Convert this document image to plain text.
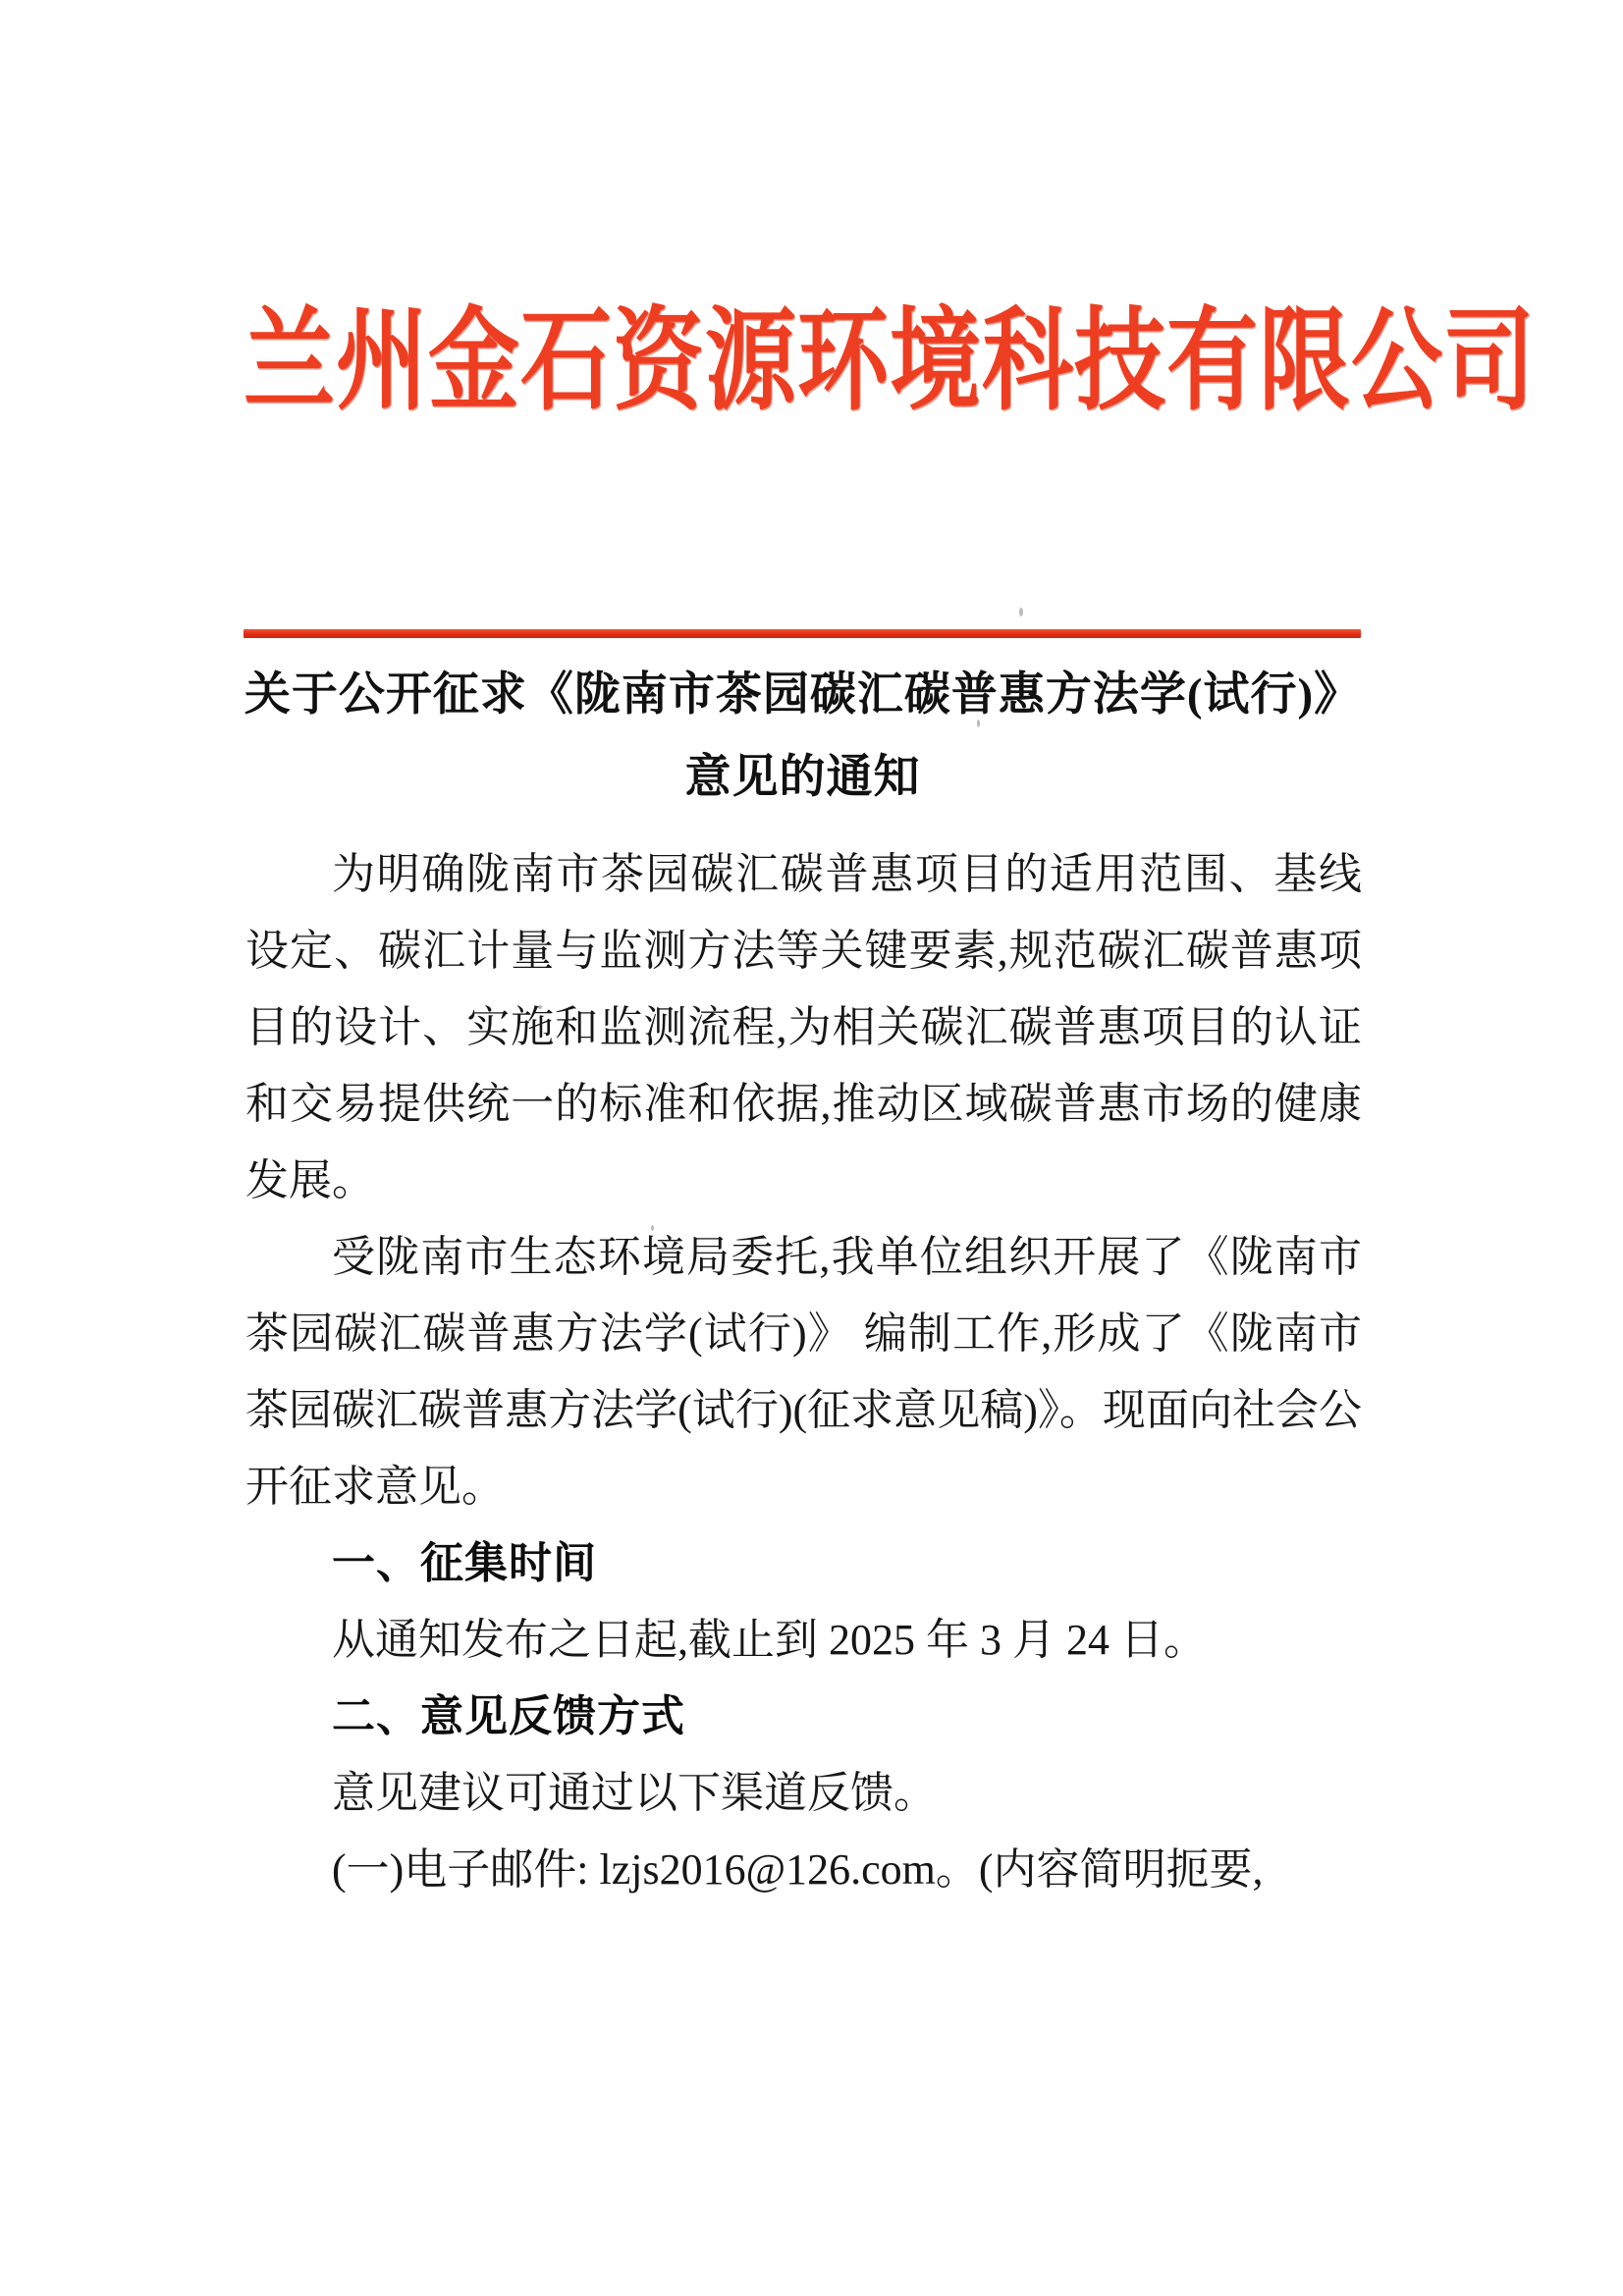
兰州金石资源环境科技有限公司
关于公开征求《陇南市茶园碳汇碳普惠方法学(试行)》
意见的通知

为明确陇南市茶园碳汇碳普惠项目的适用范围、基线设定、碳汇计量与监测方法等关键要素,规范碳汇碳普惠项目的设计、实施和监测流程,为相关碳汇碳普惠项目的认证和交易提供统一的标准和依据,推动区域碳普惠市场的健康发展。

受陇南市生态环境局委托,我单位组织开展了《陇南市茶园碳汇碳普惠方法学(试行)》 编制工作,形成了《陇南市茶园碳汇碳普惠方法学(试行)(征求意见稿)》。现面向社会公开征求意见。

一、征集时间

从通知发布之日起,截止到 2025 年 3 月 24 日。

二、意见反馈方式

意见建议可通过以下渠道反馈。

(一)电子邮件: lzjs2016@126.com。(内容简明扼要,
